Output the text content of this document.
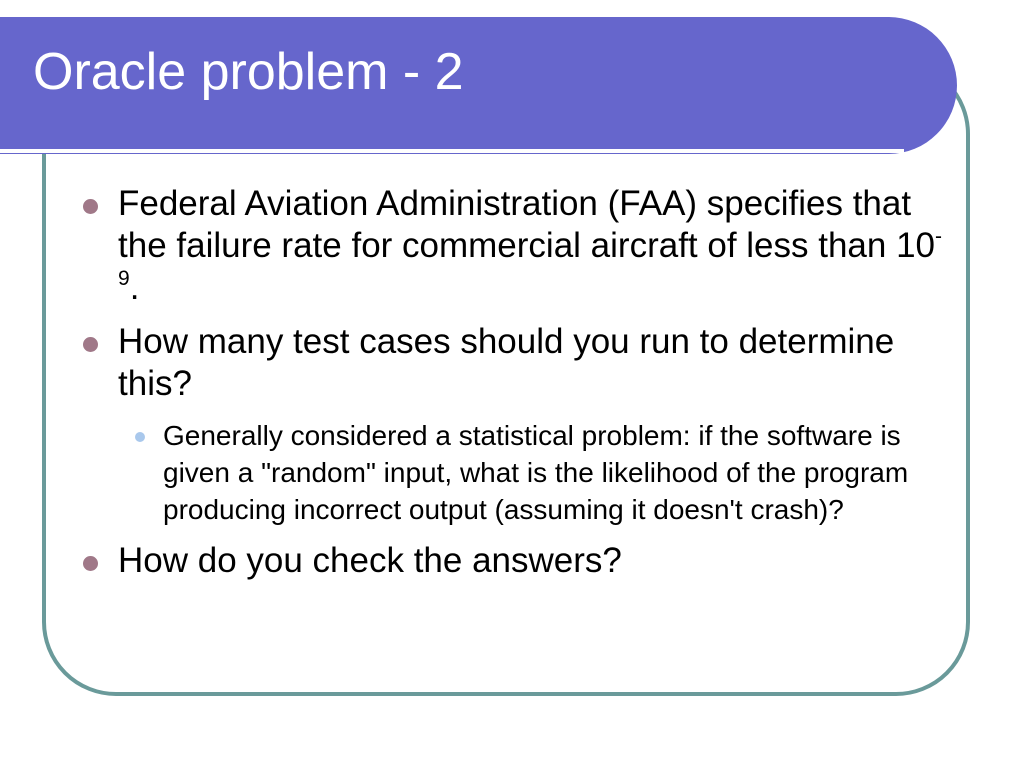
Oracle problem - 2
Federal Aviation Administration (FAA) specifies that the failure rate for commercial aircraft of less than $10^{-9}$.
How many test cases should you run to determine this?
Generally considered a statistical problem: if the software is given a "random" input, what is the likelihood of the program producing incorrect output (assuming it doesn't crash)?
How do you check the answers?
